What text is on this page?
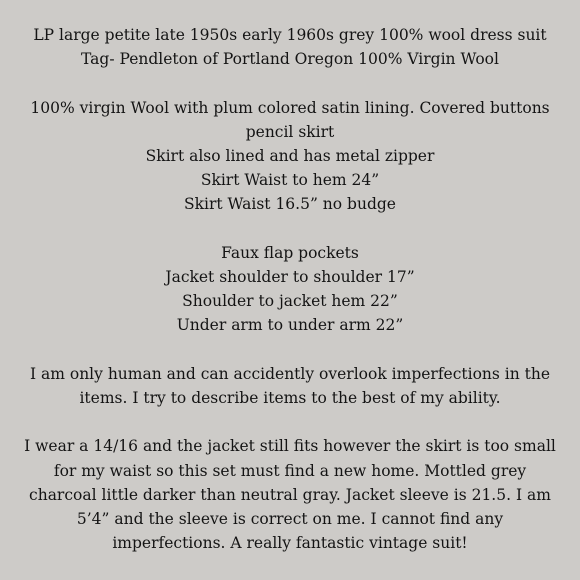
LP large petite late 1950s early 1960s grey 100% wool dress suit
Tag- Pendleton of Portland Oregon 100% Virgin Wool

100% virgin Wool with plum colored satin lining. Covered buttons
pencil skirt
Skirt also lined and has metal zipper
Skirt Waist to hem 24”
Skirt Waist 16.5” no budge

Faux flap pockets
Jacket shoulder to shoulder 17”
Shoulder to jacket hem 22”
Under arm to under arm 22”

I am only human and can accidently overlook imperfections in the
items. I try to describe items to the best of my ability.

I wear a 14/16 and the jacket still fits however the skirt is too small
for my waist so this set must find a new home. Mottled grey
charcoal little darker than neutral gray. Jacket sleeve is 21.5. I am
5’4” and the sleeve is correct on me. I cannot find any
imperfections. A really fantastic vintage suit!
